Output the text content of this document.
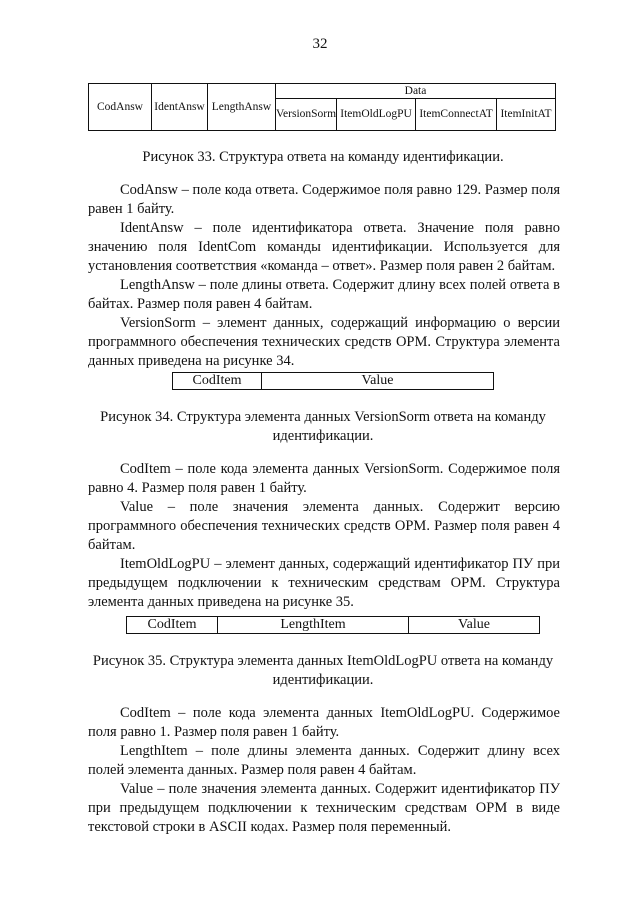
32
CodAnsw	IdentAnsw	LengthAnsw	Data			
			VersionSorm	ItemOldLogPU	ItemConnectAT	ItemInitAT

Рисунок 33. Структура ответа на команду идентификации.

CodAnsw – поле кода ответа. Содержимое поля равно 129. Размер поля равен 1 байту.

IdentAnsw – поле идентификатора ответа. Значение поля равно значению поля IdentCom команды идентификации. Используется для установления соответствия «команда – ответ». Размер поля равен 2 байтам.

LengthAnsw – поле длины ответа. Содержит длину всех полей ответа в байтах. Размер поля равен 4 байтам.

VersionSorm – элемент данных, содержащий информацию о версии программного обеспечения технических средств ОРМ. Структура элемента данных приведена на рисунке 34.

CodItem	Value

Рисунок 34. Структура элемента данных VersionSorm ответа на команду идентификации.

CodItem – поле кода элемента данных VersionSorm. Содержимое поля равно 4. Размер поля равен 1 байту.

Value – поле значения элемента данных. Содержит версию программного обеспечения технических средств ОРМ. Размер поля равен 4 байтам.

ItemOldLogPU – элемент данных, содержащий идентификатор ПУ при предыдущем подключении к техническим средствам ОРМ. Структура элемента данных приведена на рисунке 35.

CodItem	LengthItem	Value

Рисунок 35. Структура элемента данных ItemOldLogPU ответа на команду идентификации.

CodItem – поле кода элемента данных ItemOldLogPU. Содержимое поля равно 1. Размер поля равен 1 байту.

LengthItem – поле длины элемента данных. Содержит длину всех полей элемента данных. Размер поля равен 4 байтам.

Value – поле значения элемента данных. Содержит идентификатор ПУ при предыдущем подключении к техническим средствам ОРМ в виде текстовой строки в ASCII кодах. Размер поля переменный.
